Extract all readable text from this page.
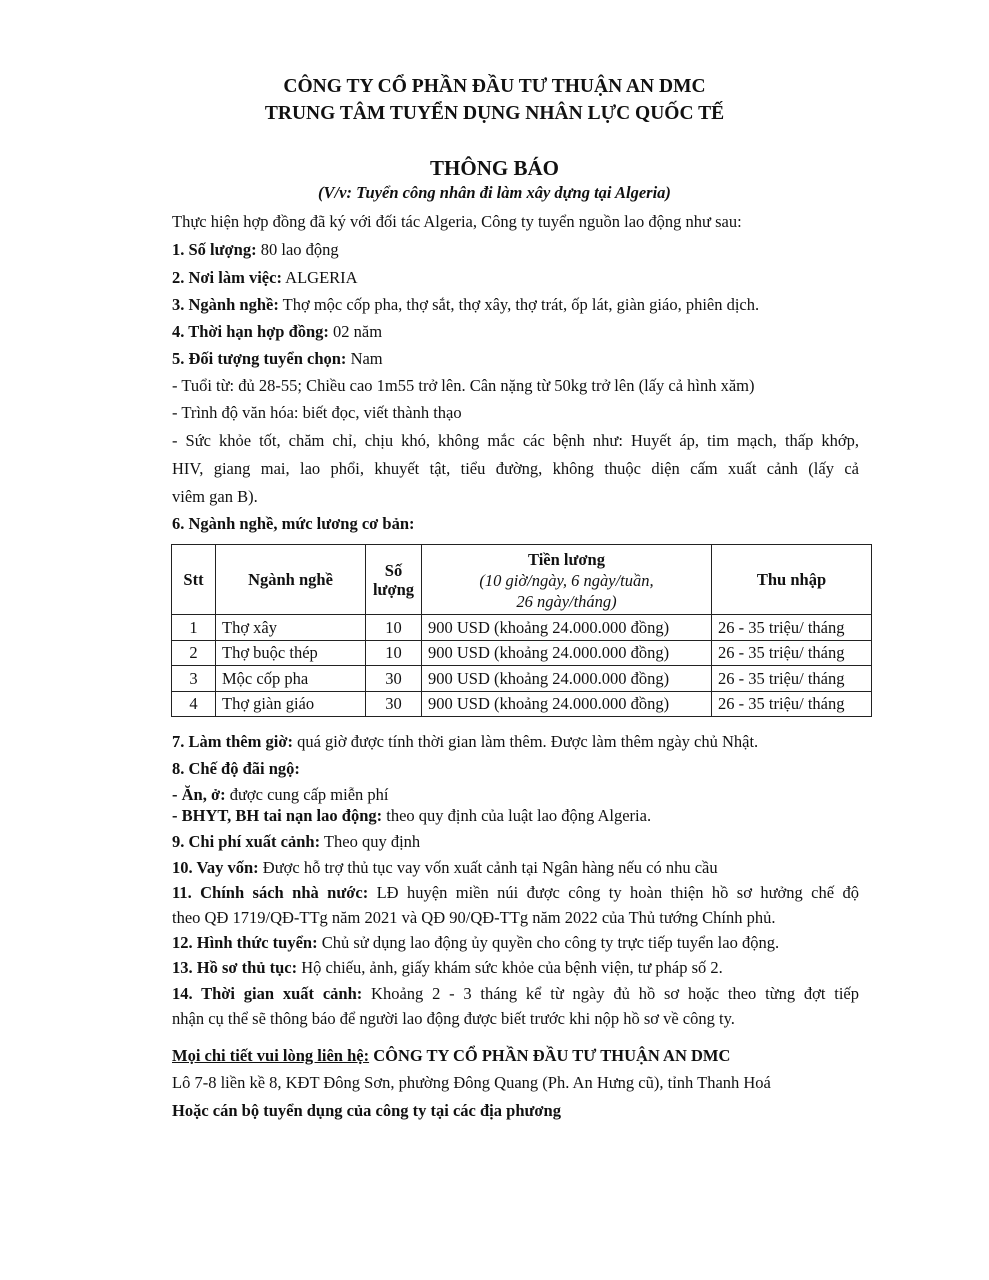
CÔNG TY CỔ PHẦN ĐẦU TƯ THUẬN AN DMC
TRUNG TÂM TUYỂN DỤNG NHÂN LỰC QUỐC TẾ
THÔNG BÁO
(V/v: Tuyển công nhân đi làm xây dựng tại Algeria)
Thực hiện hợp đồng đã ký với đối tác Algeria, Công ty tuyển nguồn lao động như sau:
1. Số lượng: 80 lao động
2. Nơi làm việc: ALGERIA
3. Ngành nghề: Thợ mộc cốp pha, thợ sắt, thợ xây, thợ trát, ốp lát, giàn giáo, phiên dịch.
4. Thời hạn hợp đồng: 02 năm
5. Đối tượng tuyển chọn: Nam
- Tuổi từ: đủ 28-55; Chiều cao 1m55 trở lên. Cân nặng từ 50kg trở lên (lấy cả hình xăm)
- Trình độ văn hóa: biết đọc, viết thành thạo
- Sức khỏe tốt, chăm chỉ, chịu khó, không mắc các bệnh như: Huyết áp, tim mạch, thấp khớp,
HIV, giang mai, lao phổi, khuyết tật, tiểu đường, không thuộc diện cấm xuất cảnh (lấy cả
viêm gan B).
6. Ngành nghề, mức lương cơ bản:
Stt	Ngành nghề	Số
lượng	Tiền lương
(10 giờ/ngày, 6 ngày/tuần,
26 ngày/tháng)	Thu nhập
1	Thợ xây	10	900 USD (khoảng 24.000.000 đồng)	26 - 35 triệu/ tháng
2	Thợ buộc thép	10	900 USD (khoảng 24.000.000 đồng)	26 - 35 triệu/ tháng
3	Mộc cốp pha	30	900 USD (khoảng 24.000.000 đồng)	26 - 35 triệu/ tháng
4	Thợ giàn giáo	30	900 USD (khoảng 24.000.000 đồng)	26 - 35 triệu/ tháng
7. Làm thêm giờ: quá giờ được tính thời gian làm thêm. Được làm thêm ngày chủ Nhật.
8. Chế độ đãi ngộ:
- Ăn, ở: được cung cấp miễn phí
- BHYT, BH tai nạn lao động: theo quy định của luật lao động Algeria.
9. Chi phí xuất cảnh: Theo quy định
10. Vay vốn: Được hỗ trợ thủ tục vay vốn xuất cảnh tại Ngân hàng nếu có nhu cầu
11. Chính sách nhà nước: LĐ huyện miền núi được công ty hoàn thiện hồ sơ hưởng chế độ
theo QĐ 1719/QĐ-TTg năm 2021 và QĐ 90/QĐ-TTg năm 2022 của Thủ tướng Chính phủ.
12. Hình thức tuyển: Chủ sử dụng lao động ủy quyền cho công ty trực tiếp tuyển lao động.
13. Hồ sơ thủ tục: Hộ chiếu, ảnh, giấy khám sức khỏe của bệnh viện, tư pháp số 2.
14. Thời gian xuất cảnh: Khoảng 2 - 3 tháng kể từ ngày đủ hồ sơ hoặc theo từng đợt tiếp
nhận cụ thể sẽ thông báo để người lao động được biết trước khi nộp hồ sơ về công ty.
Mọi chi tiết vui lòng liên hệ: CÔNG TY CỔ PHẦN ĐẦU TƯ THUẬN AN DMC
Lô 7-8 liền kề 8, KĐT Đông Sơn, phường Đông Quang (Ph. An Hưng cũ), tỉnh Thanh Hoá
Hoặc cán bộ tuyển dụng của công ty tại các địa phương
